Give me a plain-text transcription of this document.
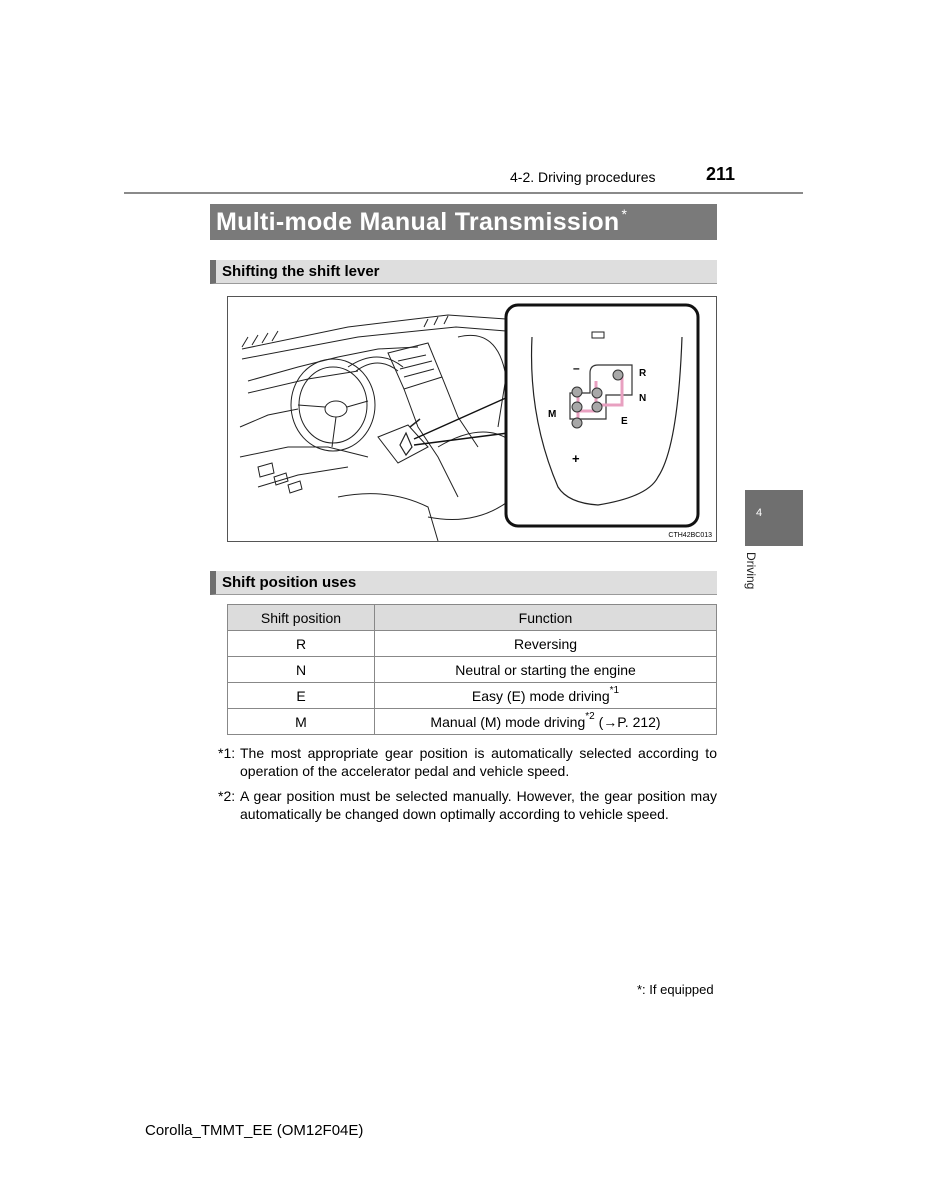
4-2. Driving procedures	211
Multi-mode Manual Transmission *
Shifting the shift lever
–
+
R
N
M
E
CTH42BC013
4
Driving
Shift position uses
Shift position	Function
R	Reversing
N	Neutral or starting the engine
E	Easy (E) mode driving$^{*1}$
M	Manual (M) mode driving$^{*2}$ (→P. 212)
*1: The most appropriate gear position is automatically selected according to operation of the accelerator pedal and vehicle speed.
*2: A gear position must be selected manually. However, the gear position may automatically be changed down optimally according to vehicle speed.
*: If equipped
Corolla_TMMT_EE (OM12F04E)
